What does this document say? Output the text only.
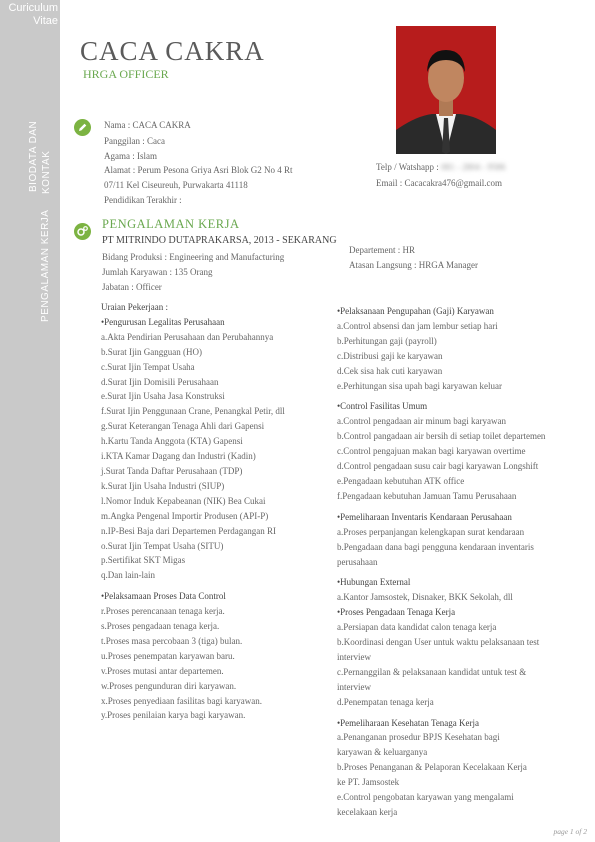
Curiculum
Vitae
BIODATA DAN KONTAK
PENGALAMAN KERJA
CACA CAKRA
HRGA OFFICER
Nama : CACA CAKRA
Panggilan : Caca
Agama : Islam
Alamat : Perum Pesona Griya Asri Blok G2 No 4 Rt
07/11 Kel Ciseureuh, Purwakarta 41118
Pendidikan Terakhir :
Telp / Watshapp : 081 - 2804 - 9586
Email : Cacacakra476@gmail.com
PENGALAMAN KERJA
PT MITRINDO DUTAPRAKARSA, 2013 - SEKARANG
Bidang Produksi : Engineering and Manufacturing
Jumlah Karyawan : 135 Orang
Jabatan : Officer
Departement : HR
Atasan Langsung : HRGA Manager
Uraian Pekerjaan :
•Pengurusan Legalitas Perusahaan
a.Akta Pendirian Perusahaan dan Perubahannya
b.Surat Ijin Gangguan (HO)
c.Surat Ijin Tempat Usaha
d.Surat Ijin Domisili Perusahaan
e.Surat Ijin Usaha Jasa Konstruksi
f.Surat Ijin Penggunaan Crane, Penangkal Petir, dll
g.Surat Keterangan Tenaga Ahli dari Gapensi
h.Kartu Tanda Anggota (KTA) Gapensi
i.KTA Kamar Dagang dan Industri (Kadin)
j.Surat Tanda Daftar Perusahaan (TDP)
k.Surat Ijin Usaha Industri (SIUP)
l.Nomor Induk Kepabeanan (NIK) Bea Cukai
m.Angka Pengenal Importir Produsen (API-P)
n.IP-Besi Baja dari Departemen Perdagangan RI
o.Surat Ijin Tempat Usaha (SITU)
p.Sertifikat SKT Migas
q.Dan lain-lain
•Pelaksamaan Proses Data Control
r.Proses perencanaan tenaga kerja.
s.Proses pengadaan tenaga kerja.
t.Proses masa percobaan 3 (tiga) bulan.
u.Proses penempatan karyawan baru.
v.Proses mutasi antar departemen.
w.Proses pengunduran diri karyawan.
x.Proses penyediaan fasilitas bagi karyawan.
y.Proses penilaian karya bagi karyawan.
•Pelaksanaan Pengupahan (Gaji) Karyawan
a.Control absensi dan jam lembur setiap hari
b.Perhitungan gaji (payroll)
c.Distribusi gaji ke karyawan
d.Cek sisa hak cuti karyawan
e.Perhitungan sisa upah bagi karyawan keluar
•Control Fasilitas Umum
a.Control pengadaan air minum bagi karyawan
b.Control pangadaan air bersih di setiap toilet departemen
c.Control pengajuan makan bagi karyawan overtime
d.Control pengadaan susu cair bagi karyawan Longshift
e.Pengadaan kebutuhan ATK office
f.Pengadaan kebutuhan Jamuan Tamu Perusahaan
•Pemeliharaan Inventaris Kendaraan Perusahaan
a.Proses perpanjangan kelengkapan surat kendaraan
b.Pengadaan dana bagi pengguna kendaraan inventaris
perusahaan
•Hubungan External
a.Kantor Jamsostek, Disnaker, BKK Sekolah, dll
•Proses Pengadaan Tenaga Kerja
a.Persiapan data kandidat calon tenaga kerja
b.Koordinasi dengan User untuk waktu pelaksanaan test
interview
c.Pernanggilan & pelaksanaan kandidat untuk test &
interview
d.Penempatan tenaga kerja
•Pemeliharaan Kesehatan Tenaga Kerja
a.Penanganan prosedur BPJS Kesehatan bagi
karyawan & keluarganya
b.Proses Penanganan & Pelaporan Kecelakaan Kerja
ke PT. Jamsostek
e.Control pengobatan karyawan yang mengalami
kecelakaan kerja
page 1 of 2
